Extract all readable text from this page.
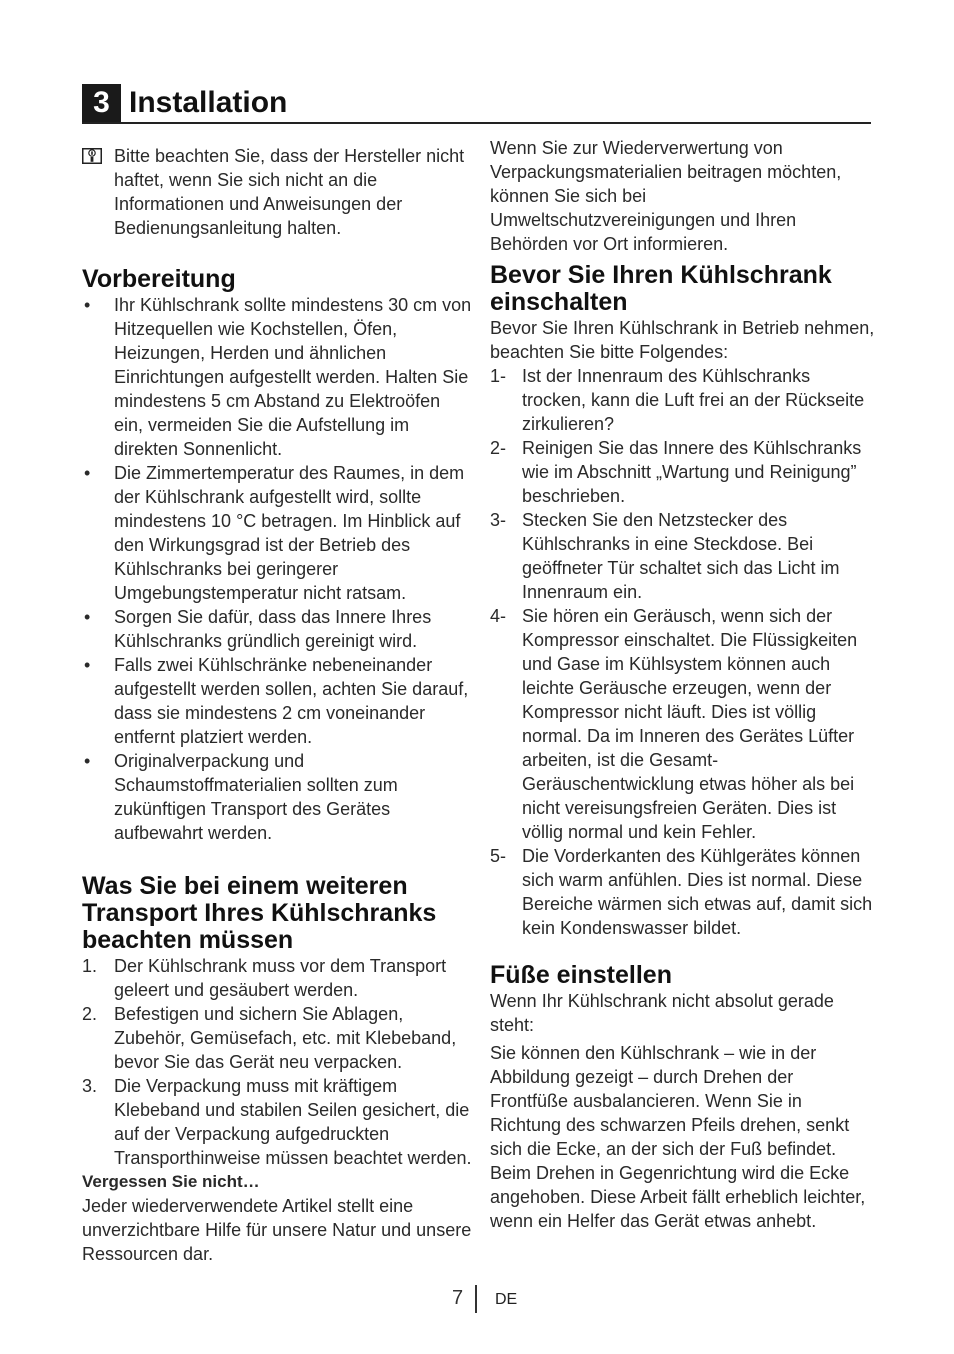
3 Installation

Bitte beachten Sie, dass der Hersteller nicht haftet, wenn Sie sich nicht an die Informationen und Anweisungen der Bedienungsanleitung halten.

Vorbereitung
• Ihr Kühlschrank sollte mindestens 30 cm von Hitzequellen wie Kochstellen, Öfen, Heizungen, Herden und ähnlichen Einrichtungen aufgestellt werden. Halten Sie mindestens 5 cm Abstand zu Elektroöfen ein, vermeiden Sie die Aufstellung im direkten Sonnenlicht.
• Die Zimmertemperatur des Raumes, in dem der Kühlschrank aufgestellt wird, sollte mindestens 10 °C betragen. Im Hinblick auf den Wirkungsgrad ist der Betrieb des Kühlschranks bei geringerer Umgebungstemperatur nicht ratsam.
• Sorgen Sie dafür, dass das Innere Ihres Kühlschranks gründlich gereinigt wird.
• Falls zwei Kühlschränke nebeneinander aufgestellt werden sollen, achten Sie darauf, dass sie mindestens 2 cm voneinander entfernt platziert werden.
• Originalverpackung und Schaumstoffmaterialien sollten zum zukünftigen Transport des Gerätes aufbewahrt werden.
Was Sie bei einem weiteren Transport Ihres Kühlschranks beachten müssen
1. Der Kühlschrank muss vor dem Transport geleert und gesäubert werden.
2. Befestigen und sichern Sie Ablagen, Zubehör, Gemüsefach, etc. mit Klebeband, bevor Sie das Gerät neu verpacken.
3. Die Verpackung muss mit kräftigem Klebeband und stabilen Seilen gesichert, die auf der Verpackung aufgedruckten Transporthinweise müssen beachtet werden.

Vergessen Sie nicht…

Jeder wiederverwendete Artikel stellt eine unverzichtbare Hilfe für unsere Natur und unsere Ressourcen dar.

Wenn Sie zur Wiederverwertung von Verpackungsmaterialien beitragen möchten, können Sie sich bei Umweltschutzvereinigungen und Ihren Behörden vor Ort informieren.

Bevor Sie Ihren Kühlschrank einschalten

Bevor Sie Ihren Kühlschrank in Betrieb nehmen, beachten Sie bitte Folgendes:

1- Ist der Innenraum des Kühlschranks trocken, kann die Luft frei an der Rückseite zirkulieren?
2- Reinigen Sie das Innere des Kühlschranks wie im Abschnitt „Wartung und Reinigung” beschrieben.
3- Stecken Sie den Netzstecker des Kühlschranks in eine Steckdose. Bei geöffneter Tür schaltet sich das Licht im Innenraum ein.
4- Sie hören ein Geräusch, wenn sich der Kompressor einschaltet. Die Flüssigkeiten und Gase im Kühlsystem können auch leichte Geräusche erzeugen, wenn der Kompressor nicht läuft. Dies ist völlig normal. Da im Inneren des Gerätes Lüfter arbeiten, ist die Gesamt-Geräuschentwicklung etwas höher als bei nicht vereisungsfreien Geräten. Dies ist völlig normal und kein Fehler.
5- Die Vorderkanten des Kühlgerätes können sich warm anfühlen. Dies ist normal. Diese Bereiche wärmen sich etwas auf, damit sich kein Kondenswasser bildet.
Füße einstellen

Wenn Ihr Kühlschrank nicht absolut gerade steht:

Sie können den Kühlschrank – wie in der Abbildung gezeigt – durch Drehen der Frontfüße ausbalancieren. Wenn Sie in Richtung des schwarzen Pfeils drehen, senkt sich die Ecke, an der sich der Fuß befindet. Beim Drehen in Gegenrichtung wird die Ecke angehoben. Diese Arbeit fällt erheblich leichter, wenn ein Helfer das Gerät etwas anhebt.

7 DE
